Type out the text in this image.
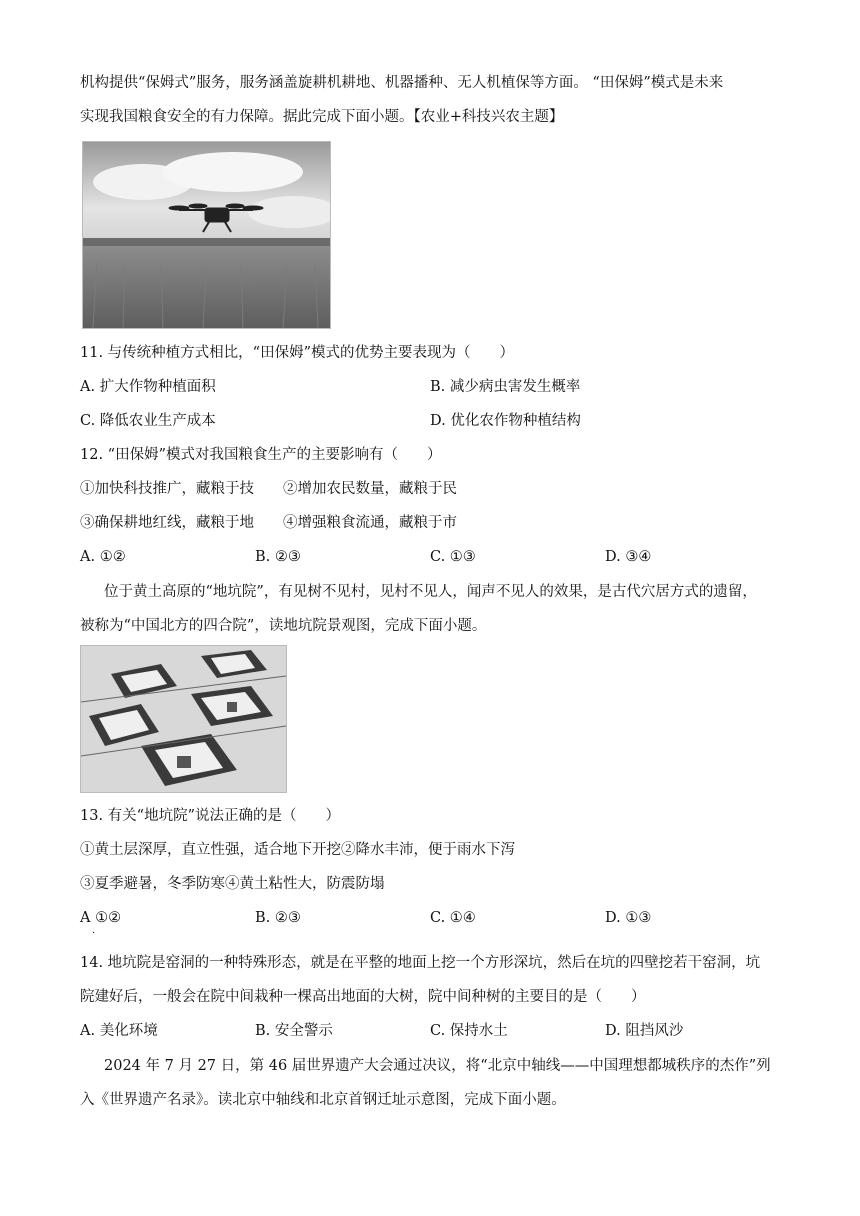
机构提供“保姆式”服务，服务涵盖旋耕机耕地、机器播种、无人机植保等方面。 “田保姆”模式是未来
实现我国粮食安全的有力保障。据此完成下面小题。【农业+科技兴农主题】
11. 与传统种植方式相比，“田保姆”模式的优势主要表现为（　　）
A. 扩大作物种植面积	B. 减少病虫害发生概率
C. 降低农业生产成本	D. 优化农作物种植结构
12. “田保姆”模式对我国粮食生产的主要影响有（　　）
①加快科技推广，藏粮于技　　②增加农民数量，藏粮于民
③确保耕地红线，藏粮于地　　④增强粮食流通，藏粮于市
A. ①②	B. ②③	C. ①③	D. ③④
位于黄土高原的“地坑院”，有见树不见村，见村不见人，闻声不见人的效果，是古代穴居方式的遗留，
被称为“中国北方的四合院”，读地坑院景观图，完成下面小题。
13. 有关“地坑院”说法正确的是（　　）
①黄土层深厚，直立性强，适合地下开挖②降水丰沛，便于雨水下泻
③夏季避暑，冬季防寒④黄土粘性大，防震防塌
A ①②
·
B. ②③	C. ①④	D. ①③
14. 地坑院是窑洞的一种特殊形态，就是在平整的地面上挖一个方形深坑，然后在坑的四壁挖若干窑洞，坑
院建好后，一般会在院中间栽种一棵高出地面的大树，院中间种树的主要目的是（　　）
A. 美化环境	B. 安全警示	C. 保持水土	D. 阻挡风沙
2024 年 7 月 27 日，第 46 届世界遗产大会通过决议，将“北京中轴线——中国理想都城秩序的杰作”列
入《世界遗产名录》。读北京中轴线和北京首钢迁址示意图，完成下面小题。
